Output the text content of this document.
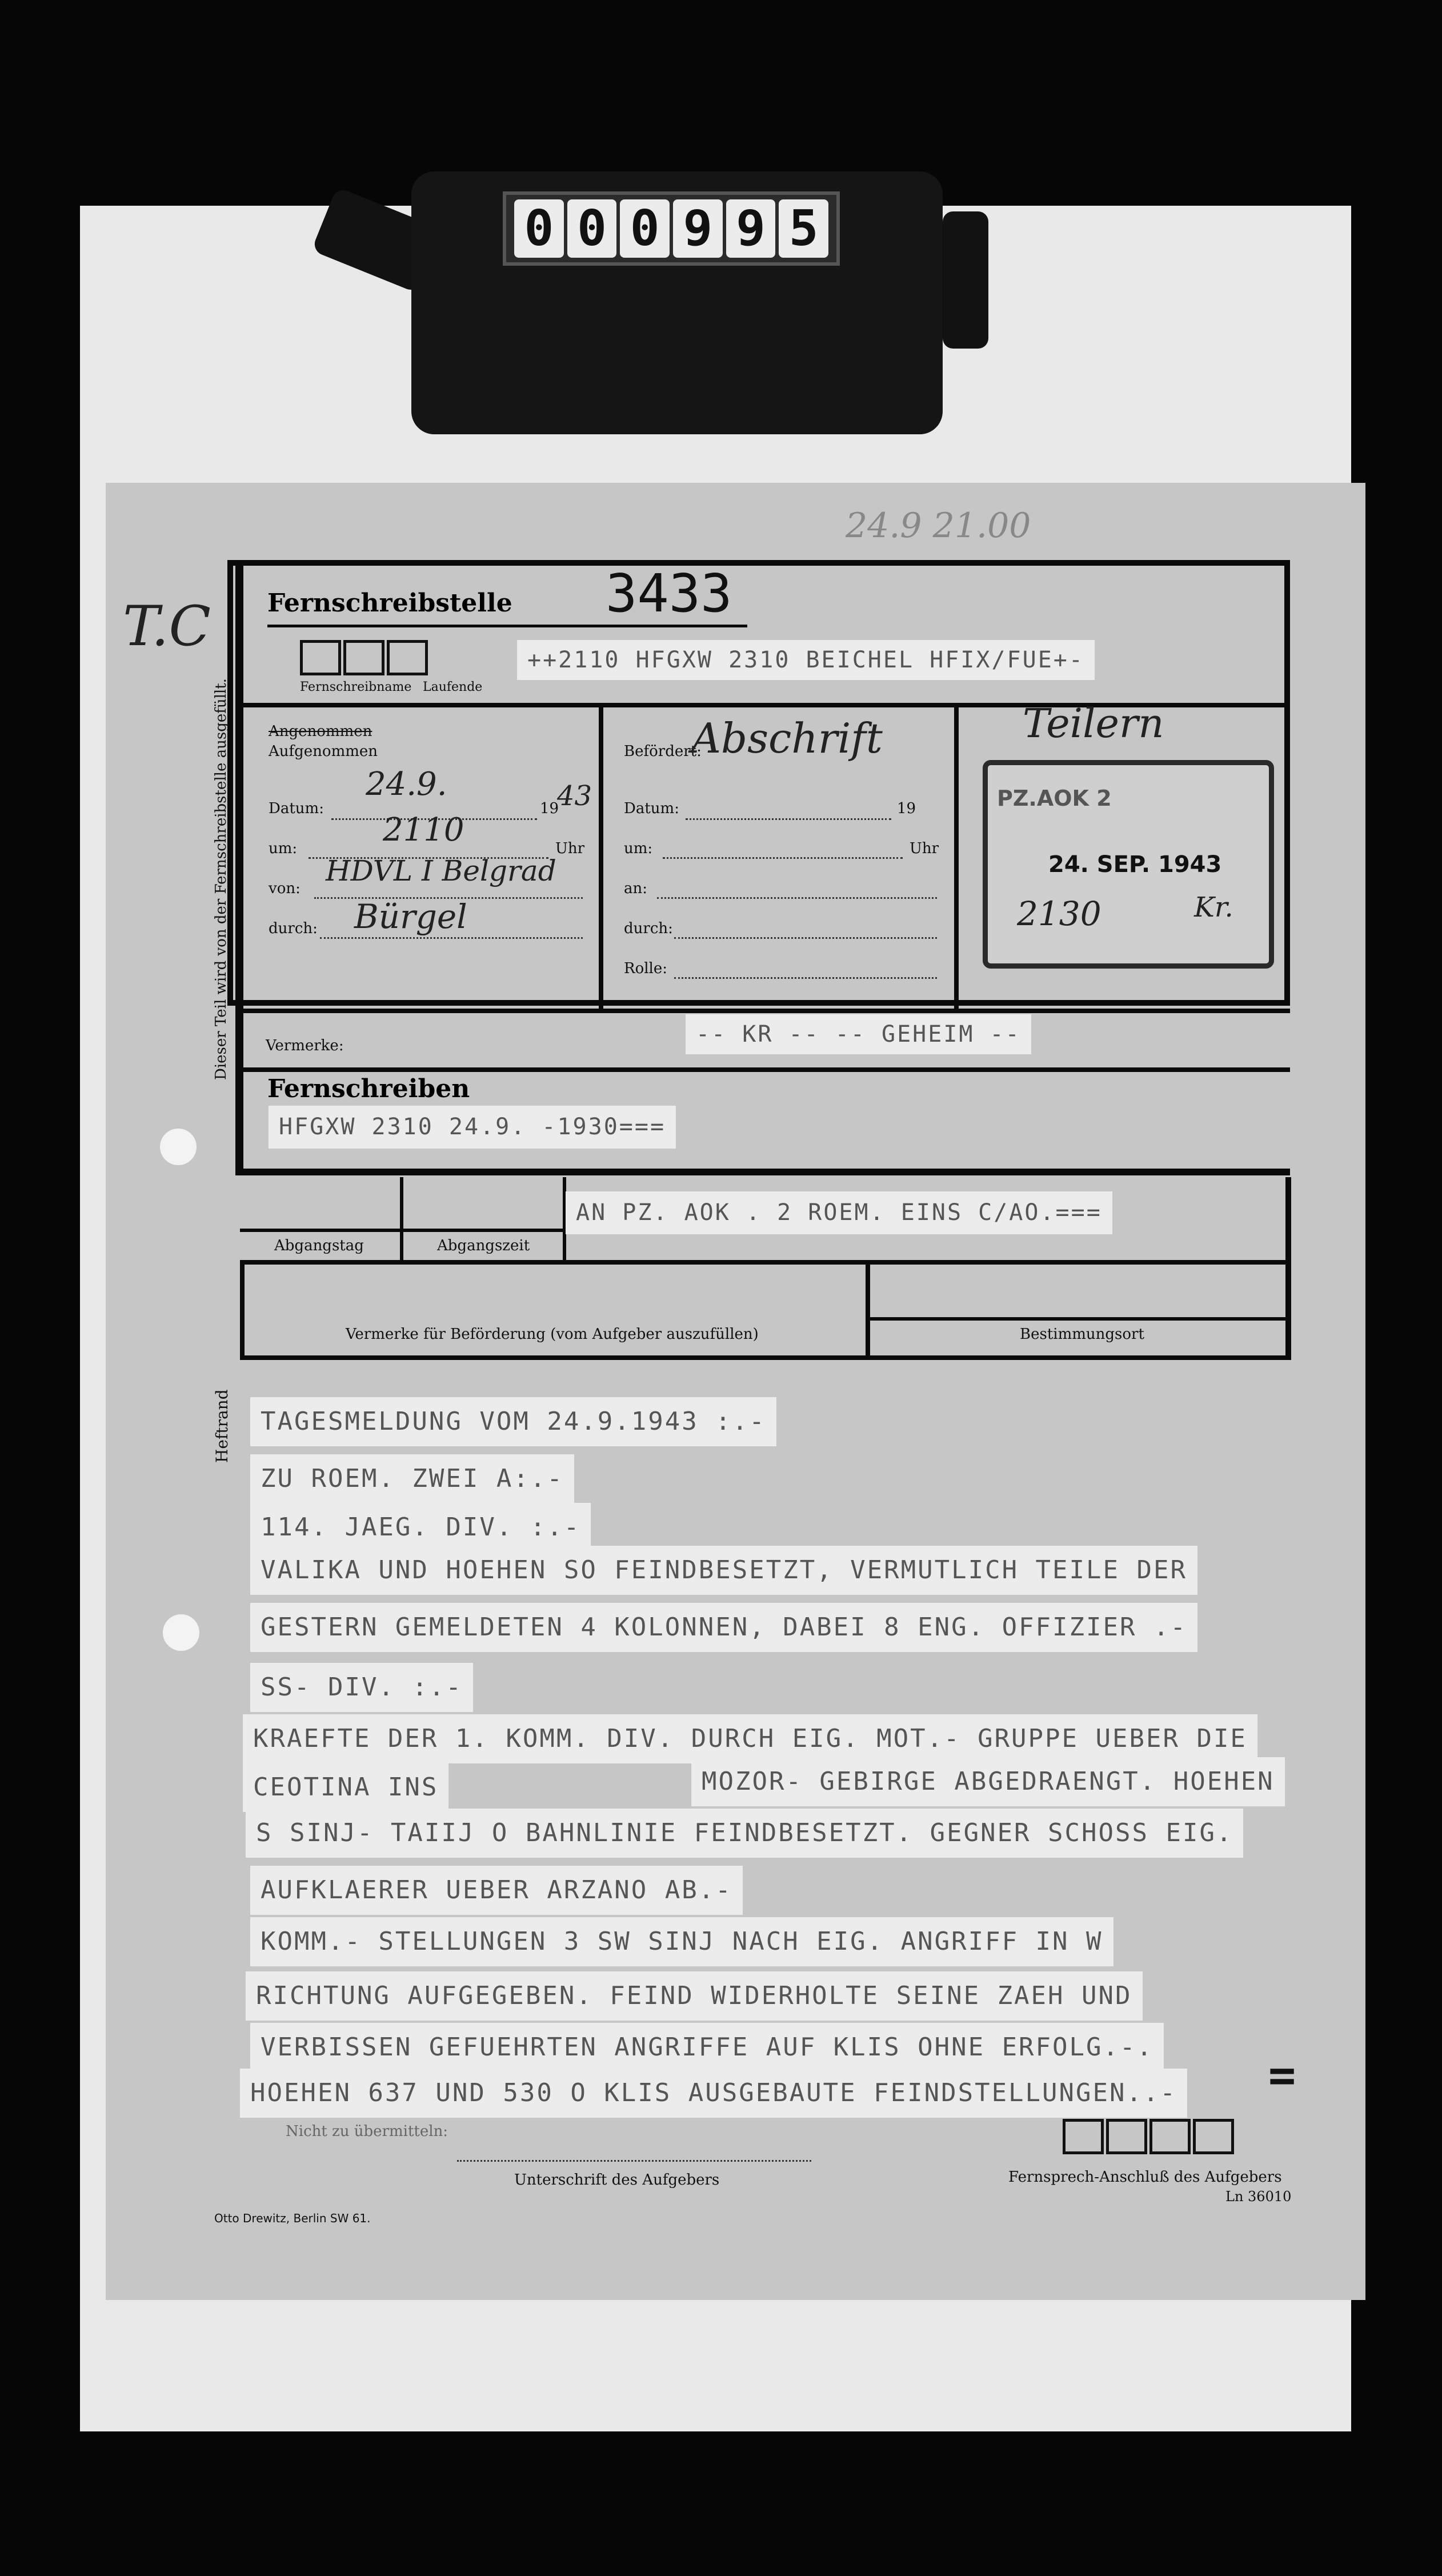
0 0 0 9 9 5
24.9 21.00
T.C
Dieser Teil wird von der Fernschreibstelle ausgefüllt.
Heftrand
Fernschreibstelle 3433
Fernschreibname Laufende
++2110 HFGXW 2310 BEICHEL HFIX/FUE+-
Angenommen
Aufgenommen
Datum:
24.9.
19
43
um:	2110	Uhr
von:
HDVL I Belgrad
durch: Bürgel
Befördert:
Abschrift
Datum:	19
um:	Uhr
an:
durch:
Rolle:
Teilern
PZ.AOK 2
24. SEP. 1943
2130	Kr.
Vermerke:	-- KR -- -- GEHEIM --
Fernschreiben
HFGXW 2310 24.9. -1930===
Abgangstag	Abgangszeit
AN PZ. AOK . 2 ROEM. EINS C/AO.===
Vermerke für Beförderung (vom Aufgeber auszufüllen)	Bestimmungsort
TAGESMELDUNG VOM 24.9.1943 :.-
ZU ROEM. ZWEI A:.-
114. JAEG. DIV. :.-
VALIKA UND HOEHEN SO FEINDBESETZT, VERMUTLICH TEILE DER
GESTERN GEMELDETEN 4 KOLONNEN, DABEI 8 ENG. OFFIZIER .-
SS- DIV. :.-
KRAEFTE DER 1. KOMM. DIV. DURCH EIG. MOT.- GRUPPE UEBER DIE
CEOTINA INS	MOZOR- GEBIRGE ABGEDRAENGT. HOEHEN
S SINJ- TAIIJ O BAHNLINIE FEINDBESETZT. GEGNER SCHOSS EIG.
AUFKLAERER UEBER ARZANO AB.-
KOMM.- STELLUNGEN 3 SW SINJ NACH EIG. ANGRIFF IN W
RICHTUNG AUFGEGEBEN. FEIND WIDERHOLTE SEINE ZAEH UND
VERBISSEN GEFUEHRTEN ANGRIFFE AUF KLIS OHNE ERFOLG.-.
HOEHEN 637 UND 530 O KLIS AUSGEBAUTE FEINDSTELLUNGEN..- =
Nicht zu übermitteln:
Unterschrift des Aufgebers	Fernsprech-Anschluß des Aufgebers
Ln 36010
Otto Drewitz, Berlin SW 61.
